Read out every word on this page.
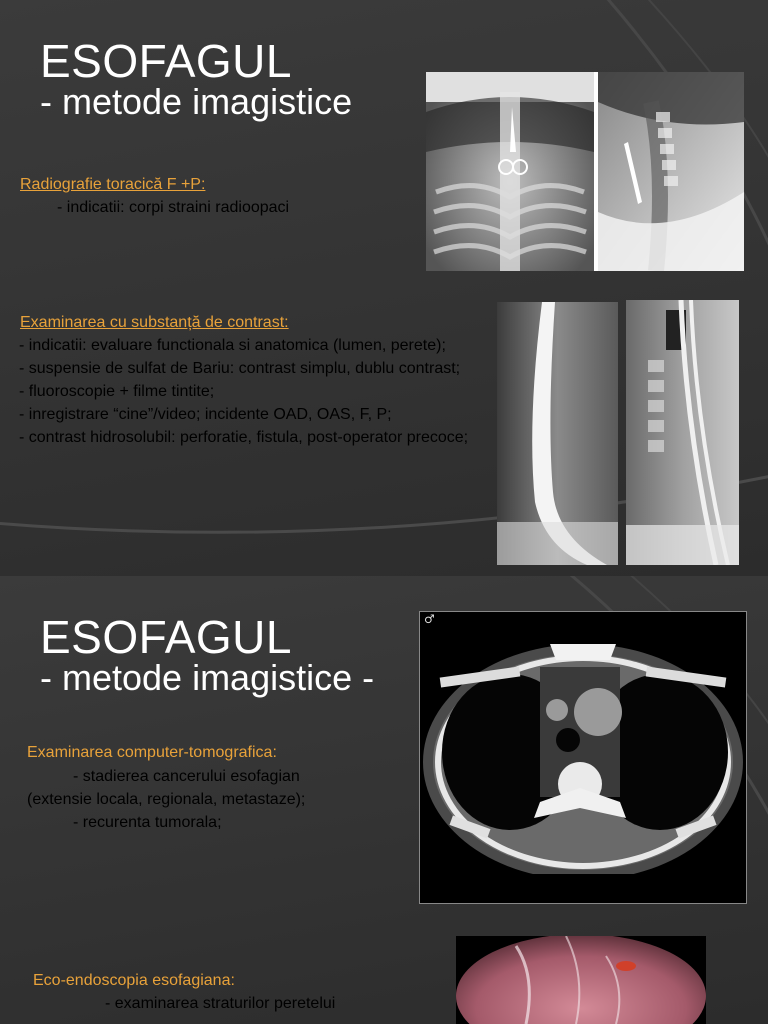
ESOFAGUL
- metode imagistice
Radiografie toracică F +P:
- indicatii: corpi straini radioopaci
Examinarea cu substanță de contrast:
- indicatii: evaluare functionala si anatomica (lumen, perete);
- suspensie de sulfat de Bariu: contrast simplu, dublu contrast;
- fluoroscopie + filme tintite;
- inregistrare “cine”/video; incidente OAD, OAS, F, P;
- contrast hidrosolubil: perforatie, fistula, post-operator precoce;
ESOFAGUL
- metode imagistice -
Examinarea computer-tomografica:
- stadierea cancerului esofagian
(extensie locala, regionala, metastaze);
- recurenta tumorala;
♂
Eco-endoscopia esofagiana:
- examinarea straturilor peretelui
